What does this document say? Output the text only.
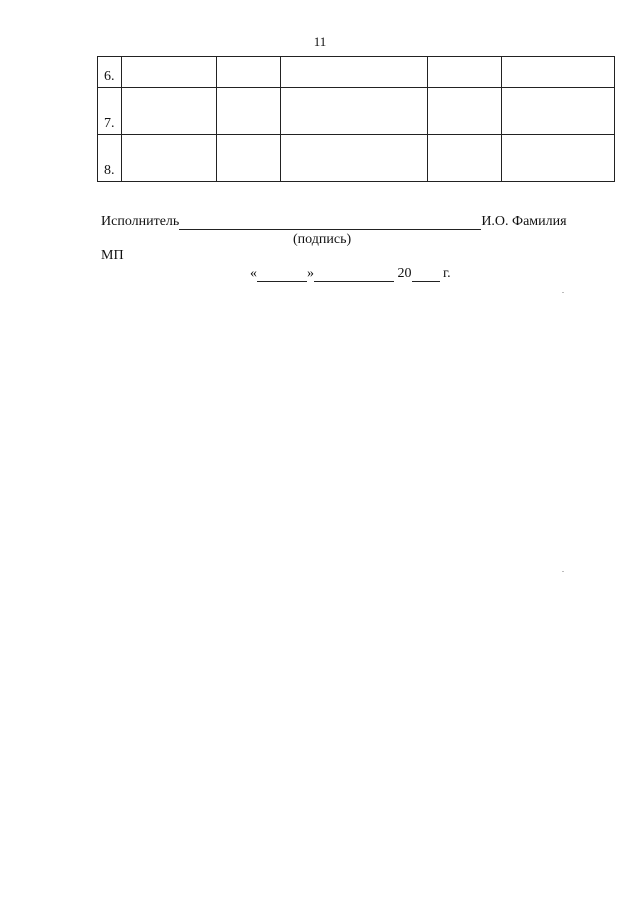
11
6.					
7.					
8.					
Исполнитель	И.О. Фамилия
(подпись)
МП
«	»	20 г.
